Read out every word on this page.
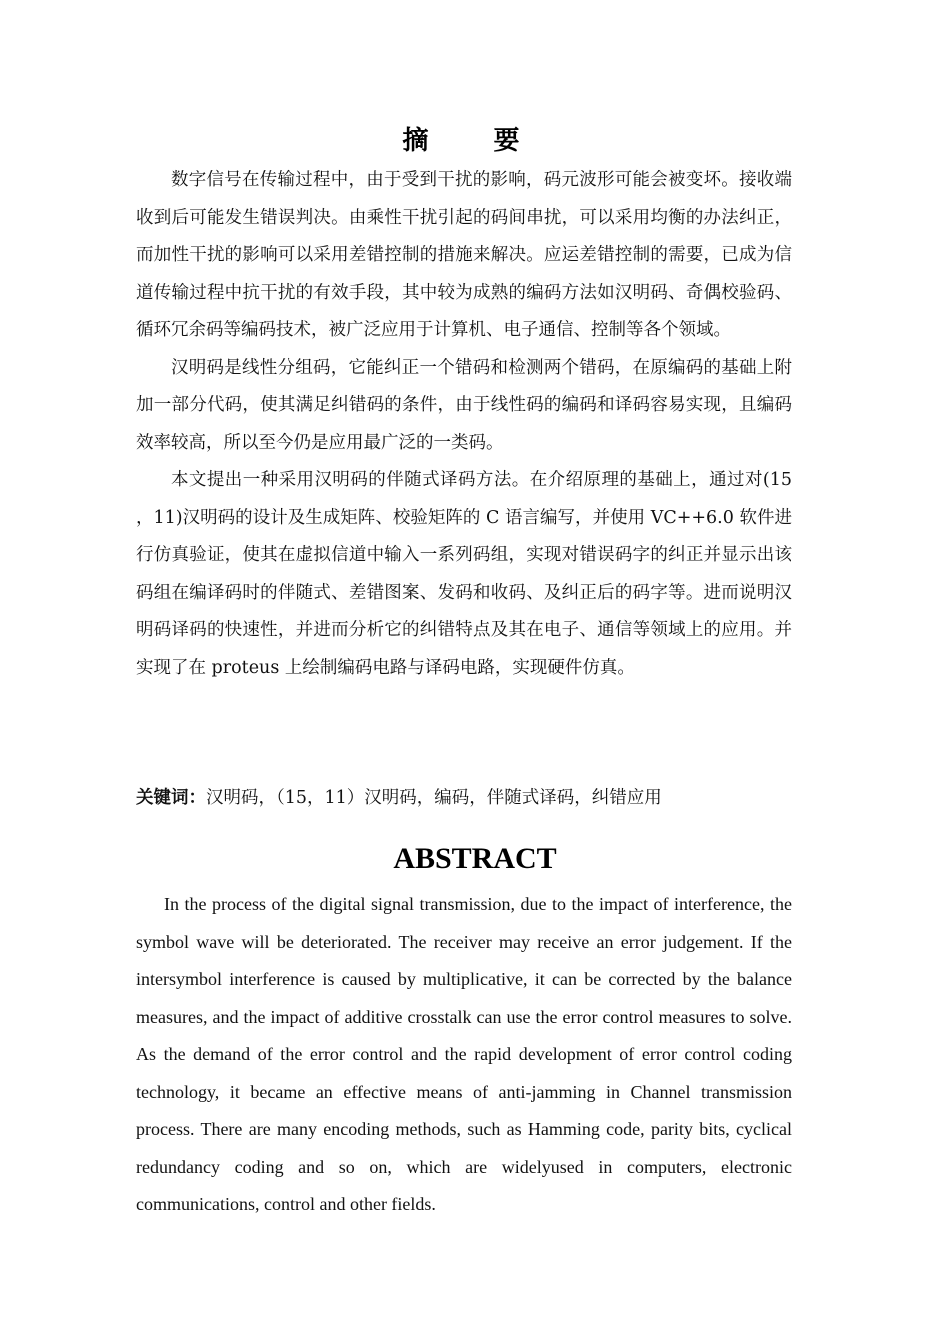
摘 要

数字信号在传输过程中，由于受到干扰的影响，码元波形可能会被变坏。接收端收到后可能发生错误判决。由乘性干扰引起的码间串扰，可以采用均衡的办法纠正，而加性干扰的影响可以采用差错控制的措施来解决。应运差错控制的需要，已成为信道传输过程中抗干扰的有效手段，其中较为成熟的编码方法如汉明码、奇偶校验码、循环冗余码等编码技术，被广泛应用于计算机、电子通信、控制等各个领域。

汉明码是线性分组码，它能纠正一个错码和检测两个错码，在原编码的基础上附加一部分代码，使其满足纠错码的条件，由于线性码的编码和译码容易实现，且编码效率较高，所以至今仍是应用最广泛的一类码。

本文提出一种采用汉明码的伴随式译码方法。在介绍原理的基础上，通过对(15 ，11)汉明码的设计及生成矩阵、校验矩阵的 C 语言编写，并使用 VC++6.0 软件进行仿真验证，使其在虚拟信道中输入一系列码组，实现对错误码字的纠正并显示出该码组在编译码时的伴随式、差错图案、发码和收码、及纠正后的码字等。进而说明汉明码译码的快速性，并进而分析它的纠错特点及其在电子、通信等领域上的应用。并实现了在 proteus 上绘制编码电路与译码电路，实现硬件仿真。

关键词：汉明码，（15，11）汉明码，编码，伴随式译码，纠错应用
ABSTRACT

In the process of the digital signal transmission, due to the impact of interference, the symbol wave will be deteriorated. The receiver may receive an error judgement. If the intersymbol interference is caused by multiplicative, it can be corrected by the balance measures, and the impact of additive crosstalk can use the error control measures to solve. As the demand of the error control and the rapid development of error control coding technology, it became an effective means of anti-jamming in Channel transmission process. There are many encoding methods, such as Hamming code, parity bits, cyclical redundancy coding and so on, which are widelyused in computers, electronic communications, control and other fields.
